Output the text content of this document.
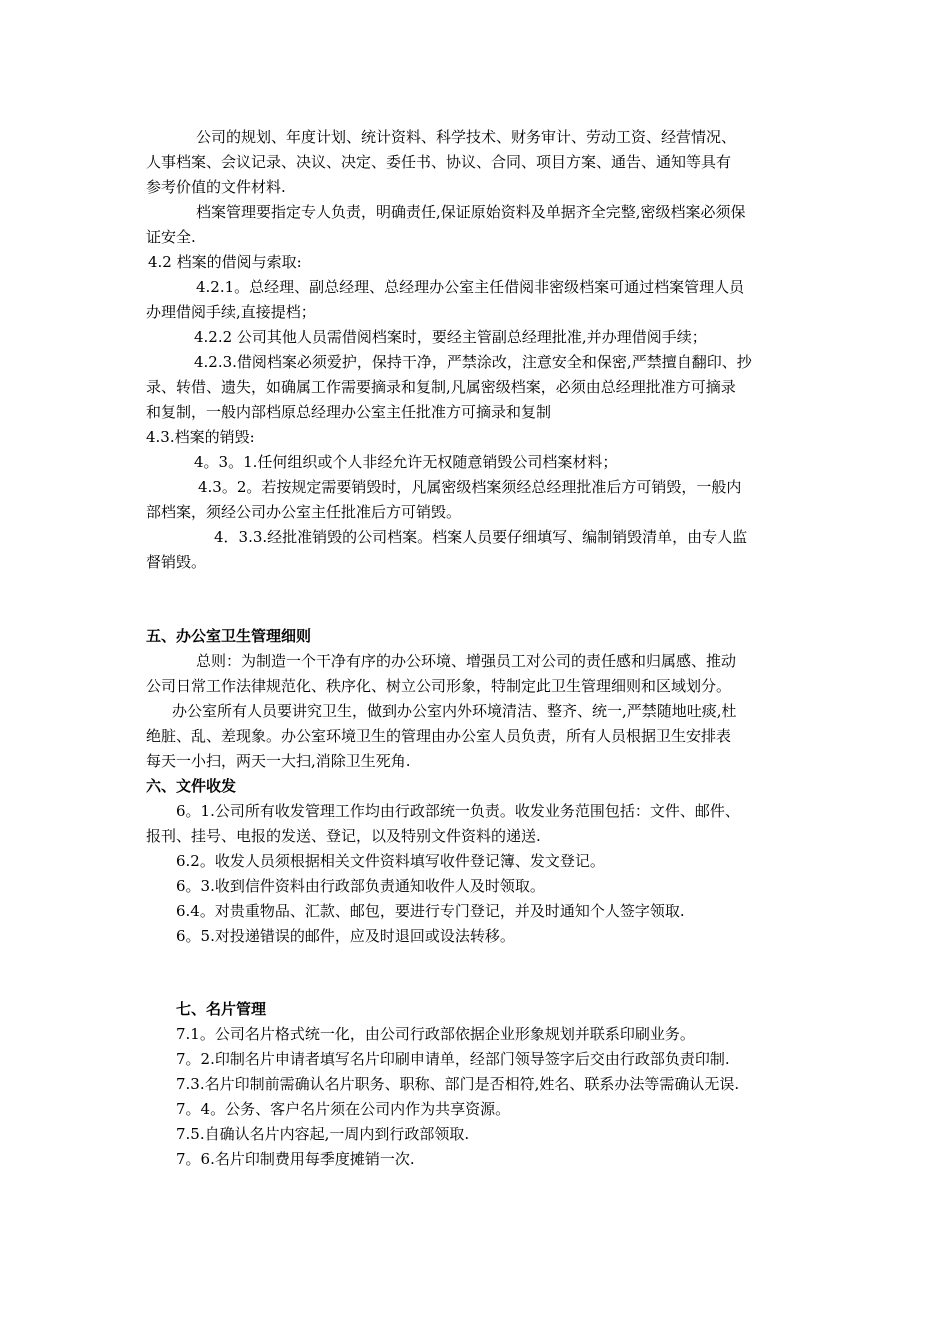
公司的规划、年度计划、统计资料、科学技术、财务审计、劳动工资、经营情况、
人事档案、会议记录、决议、决定、委任书、协议、合同、项目方案、通告、通知等具有
参考价值的文件材料.
档案管理要指定专人负责，明确责任,保证原始资料及单据齐全完整,密级档案必须保
证安全.
4.2 档案的借阅与索取:
4.2.1。总经理、副总经理、总经理办公室主任借阅非密级档案可通过档案管理人员
办理借阅手续,直接提档；
4.2.2 公司其他人员需借阅档案时，要经主管副总经理批准,并办理借阅手续；
4.2.3.借阅档案必须爱护，保持干净，严禁涂改，注意安全和保密,严禁擅自翻印、抄
录、转借、遗失，如确属工作需要摘录和复制,凡属密级档案，必须由总经理批准方可摘录
和复制，一般内部档原总经理办公室主任批准方可摘录和复制
4.3.档案的销毁:
4。3。1.任何组织或个人非经允许无权随意销毁公司档案材料；
4.3。2。若按规定需要销毁时，凡属密级档案须经总经理批准后方可销毁，一般内
部档案，须经公司办公室主任批准后方可销毁。
4．3.3.经批准销毁的公司档案。档案人员要仔细填写、编制销毁清单，由专人监
督销毁。
五、办公室卫生管理细则
总则：为制造一个干净有序的办公环境、增强员工对公司的责任感和归属感、推动
公司日常工作法律规范化、秩序化、树立公司形象，特制定此卫生管理细则和区域划分。
办公室所有人员要讲究卫生，做到办公室内外环境清洁、整齐、统一,严禁随地吐痰,杜
绝脏、乱、差现象。办公室环境卫生的管理由办公室人员负责，所有人员根据卫生安排表
每天一小扫，两天一大扫,消除卫生死角.
六、文件收发
6。1.公司所有收发管理工作均由行政部统一负责。收发业务范围包括：文件、邮件、
报刊、挂号、电报的发送、登记，以及特别文件资料的递送.
6.2。收发人员须根据相关文件资料填写收件登记簿、发文登记。
6。3.收到信件资料由行政部负责通知收件人及时领取。
6.4。对贵重物品、汇款、邮包，要进行专门登记，并及时通知个人签字领取.
6。5.对投递错误的邮件，应及时退回或设法转移。
七、名片管理
7.1。公司名片格式统一化，由公司行政部依据企业形象规划并联系印刷业务。
7。2.印制名片申请者填写名片印刷申请单，经部门领导签字后交由行政部负责印制.
7.3.名片印制前需确认名片职务、职称、部门是否相符,姓名、联系办法等需确认无误.
7。4。公务、客户名片须在公司内作为共享资源。
7.5.自确认名片内容起,一周内到行政部领取.
7。6.名片印制费用每季度摊销一次.
